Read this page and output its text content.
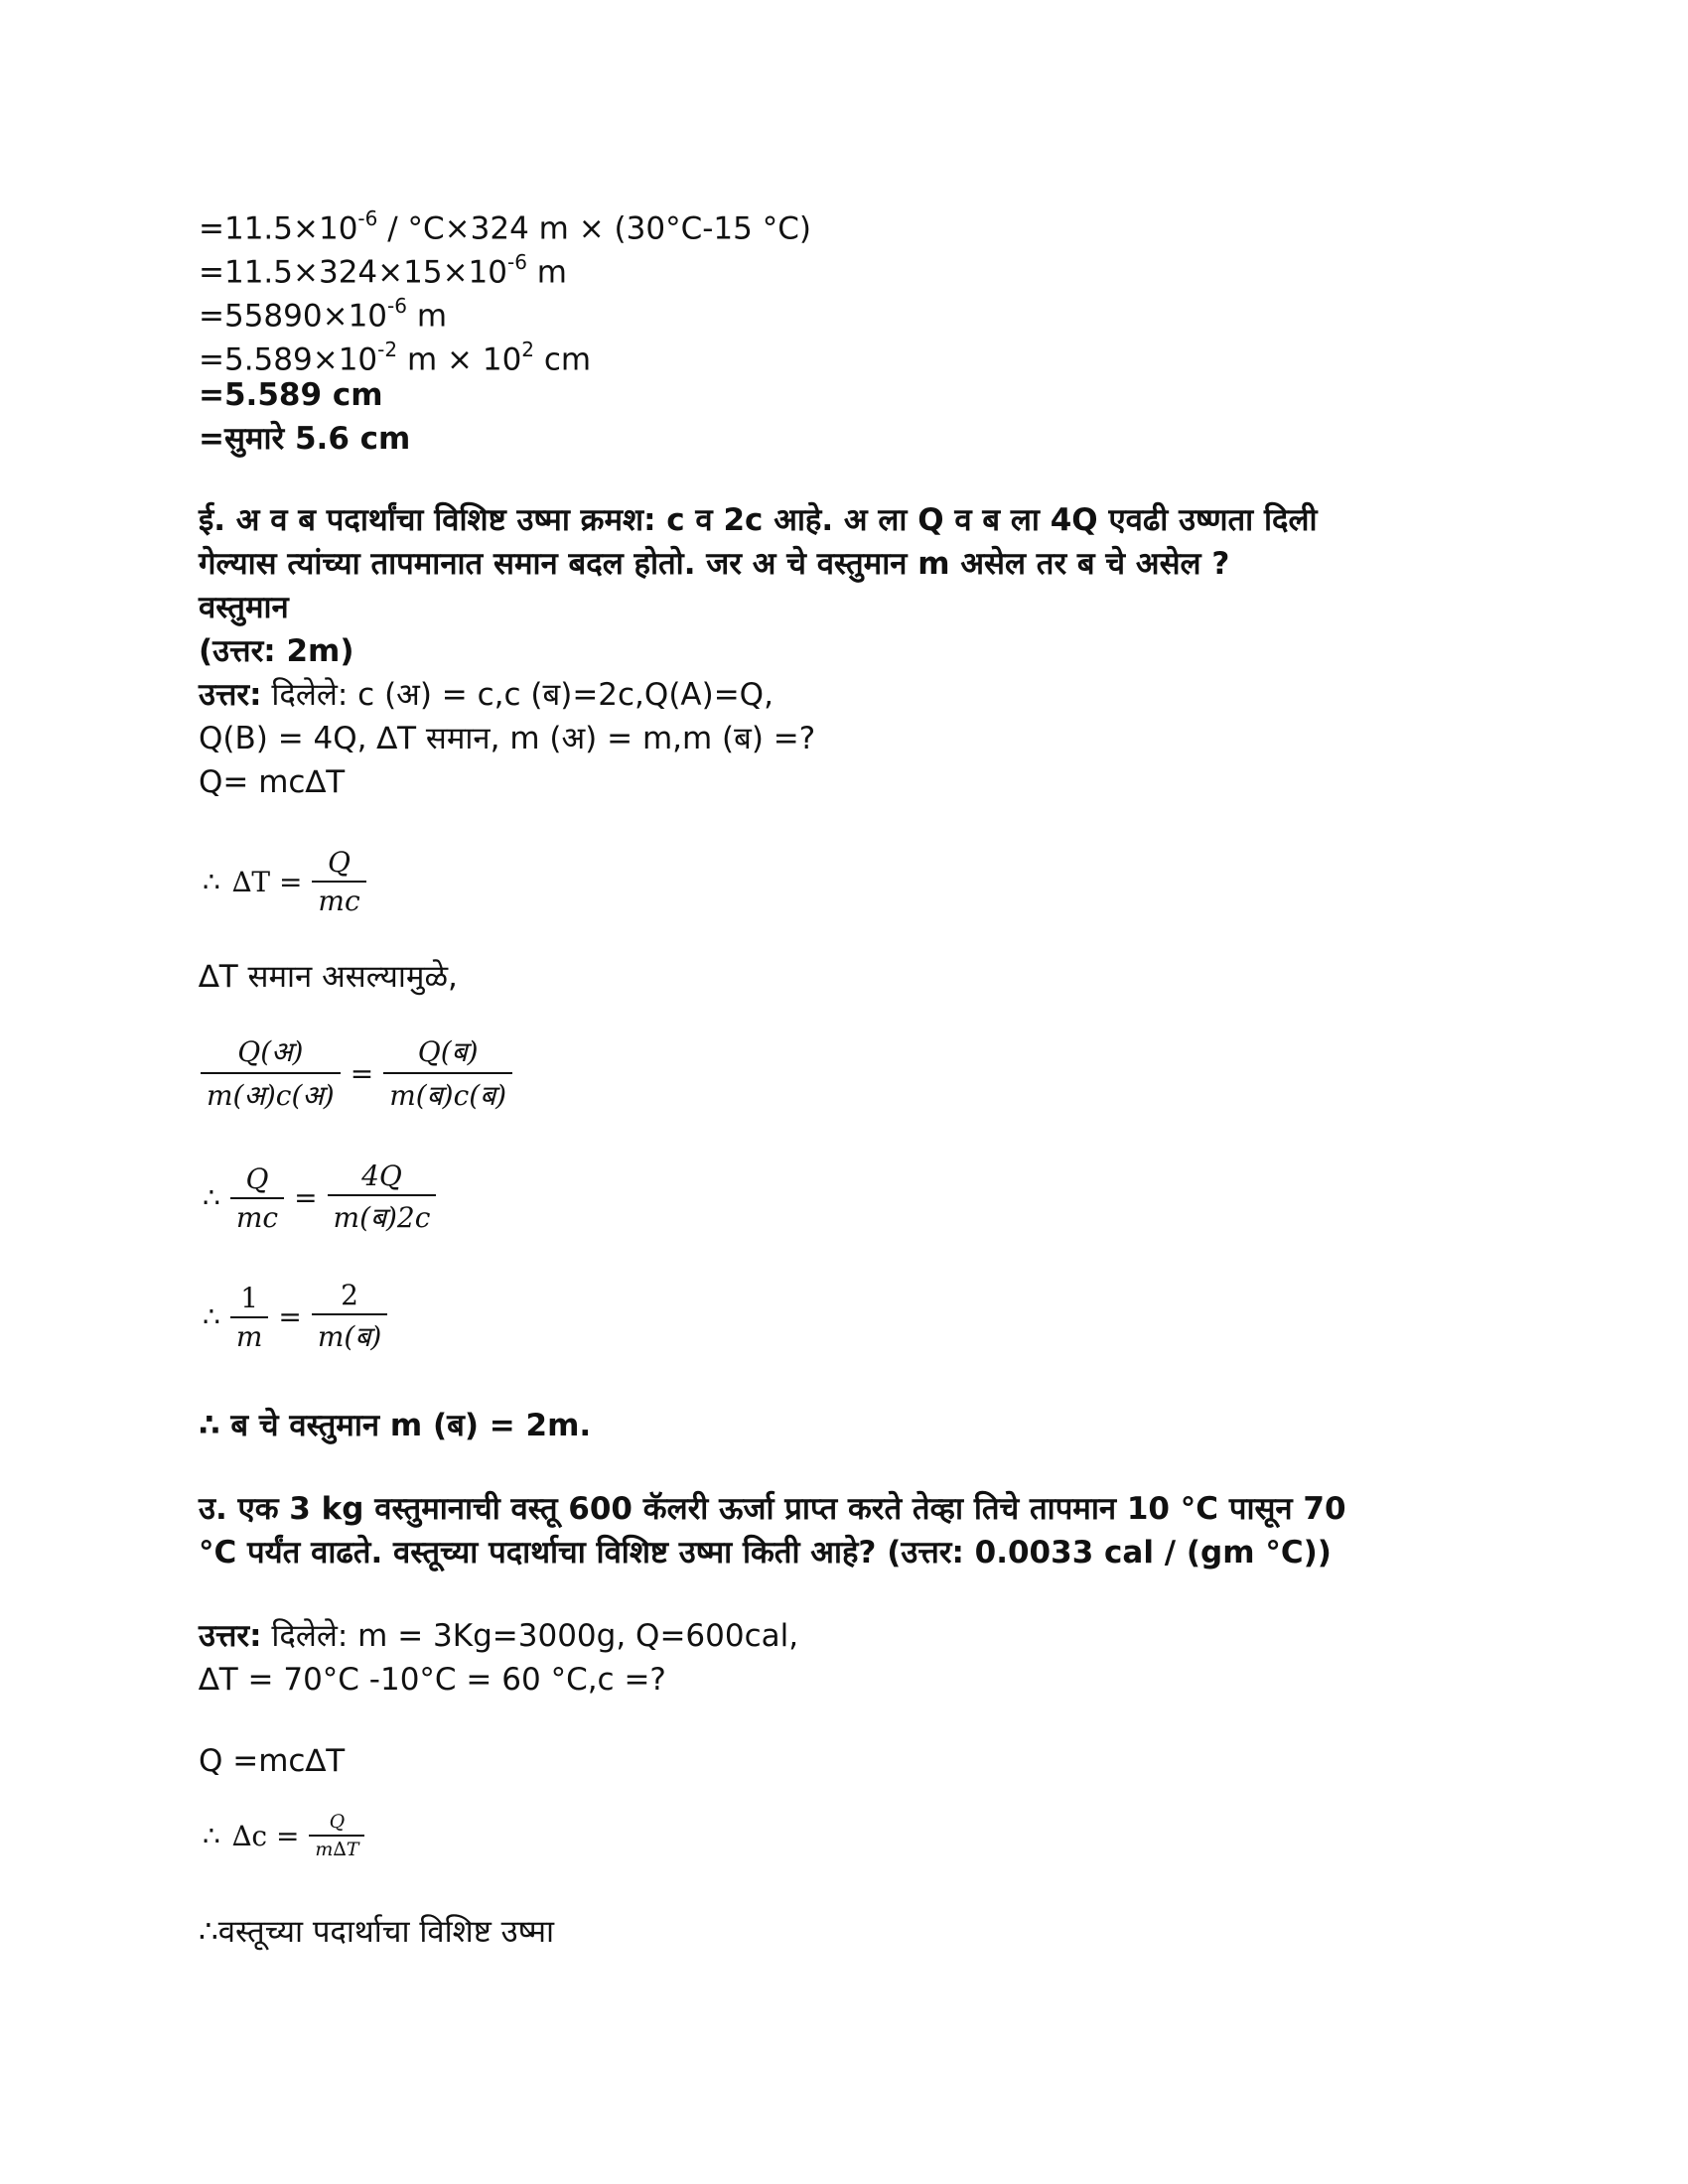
$=11.5\times 10^{-6} / ^\circ C\times 324$ m × (30°C-15 °C)
$=11.5\times 324\times 15\times 10^{-6}$ m
$=55890\times 10^{-6}$ m
$=5.589\times 10^{-2}$ $m \times 10^2$ cm
=5.589 cm
=सुमारे 5.6 cm
ई. अ व ब पदार्थांचा विशिष्ट उष्मा क्रमश: c व 2c आहे. अ ला Q व ब ला 4Q एवढी उष्णता दिली
गेल्यास त्यांच्या तापमानात समान बदल होतो. जर अ चे वस्तुमान m असेल तर ब चे असेल ?
वस्तुमान
(उत्तर: 2m)
उत्तर: दिलेले: c (अ) = c,c (ब)=2c,Q(A)=Q,
Q(B) = 4Q, ∆T समान, m (अ) = m,m (ब) =?
Q= mc∆T
∴ $\Delta T = \frac{Q}{mc}$
∆T समान असल्यामुळे,
$\frac{\text{Q(अ)}}{\text{m(अ)c(अ)}} = \frac{\text{Q(ब)}}{\text{m(ब)c(ब)}}$
∴ $\frac{Q}{mc} = \frac{4Q}{\text{m(ब)2c}}$
∴ $\frac{1}{m} = \frac{2}{\text{m(ब)}}$
∴ ब चे वस्तुमान m (ब) = 2m.
उ. एक 3 kg वस्तुमानाची वस्तू 600 कॅलरी ऊर्जा प्राप्त करते तेव्हा तिचे तापमान 10 °C पासून 70
°C पर्यंत वाढते. वस्तूच्या पदार्थाचा विशिष्ट उष्मा किती आहे? (उत्तर: 0.0033 cal / (gm °C))
उत्तर: दिलेले: m = 3Kg=3000g, Q=600cal,
∆T = 70°C -10°C = 60 °C,c =?
Q =mc∆T
∴ $\Delta c = \frac{Q}{m\Delta T}$
∴वस्तूच्या पदार्थाचा विशिष्ट उष्मा
